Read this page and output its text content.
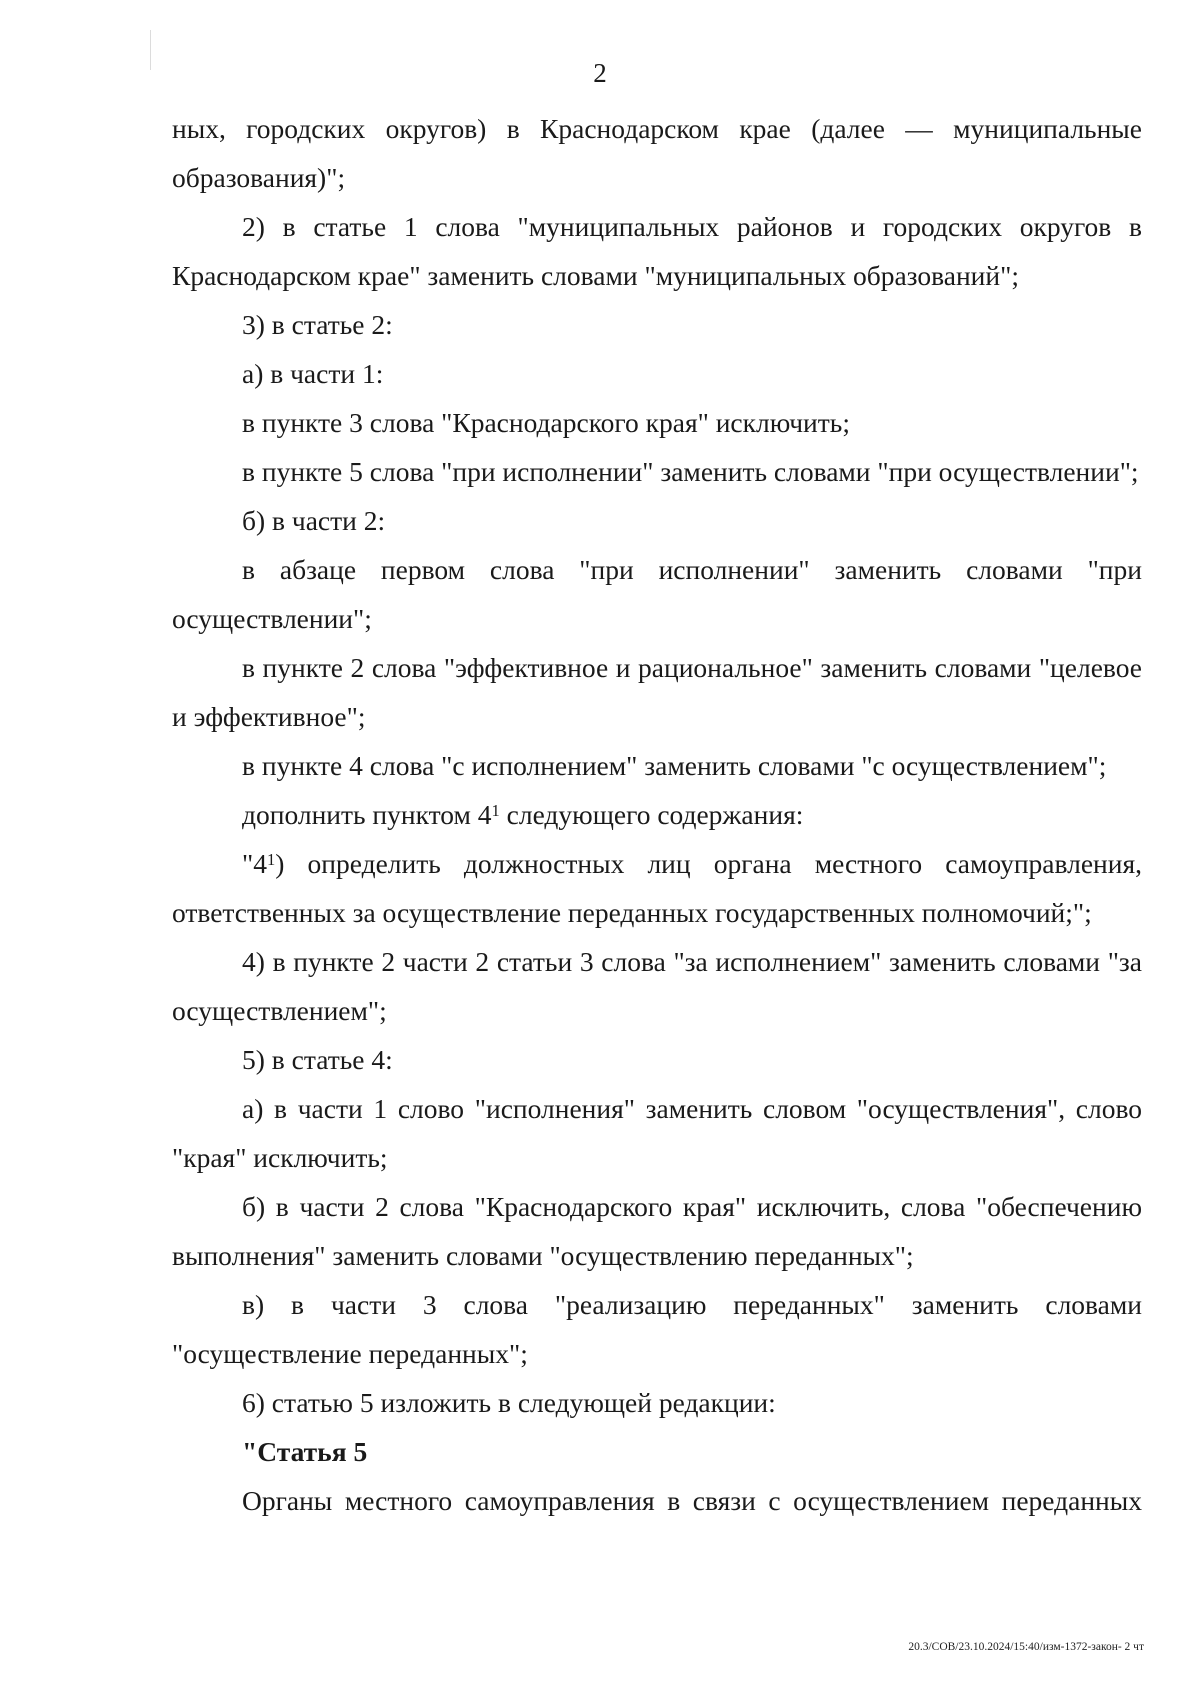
2

ных, городских округов) в Краснодарском крае (далее — муниципальные образования)";

2) в статье 1 слова "муниципальных районов и городских округов в Краснодарском крае" заменить словами "муниципальных образований";

3) в статье 2:

а) в части 1:

в пункте 3 слова "Краснодарского края" исключить;

в пункте 5 слова "при исполнении" заменить словами "при осуществлении";

б) в части 2:

в абзаце первом слова "при исполнении" заменить словами "при осуществлении";

в пункте 2 слова "эффективное и рациональное" заменить словами "целевое и эффективное";

в пункте 4 слова "с исполнением" заменить словами "с осуществлением";

дополнить пунктом $4^1$ следующего содержания:

"$4^1$) определить должностных лиц органа местного самоуправления, ответственных за осуществление переданных государственных полномочий;";

4) в пункте 2 части 2 статьи 3 слова "за исполнением" заменить словами "за осуществлением";

5) в статье 4:

а) в части 1 слово "исполнения" заменить словом "осуществления", слово "края" исключить;

б) в части 2 слова "Краснодарского края" исключить, слова "обеспечению выполнения" заменить словами "осуществлению переданных";

в) в части 3 слова "реализацию переданных" заменить словами "осуществление переданных";

6) статью 5 изложить в следующей редакции:

"Статья 5

Органы местного самоуправления в связи с осуществлением переданных

20.3/СОВ/23.10.2024/15:40/изм-1372-закон- 2 чт
